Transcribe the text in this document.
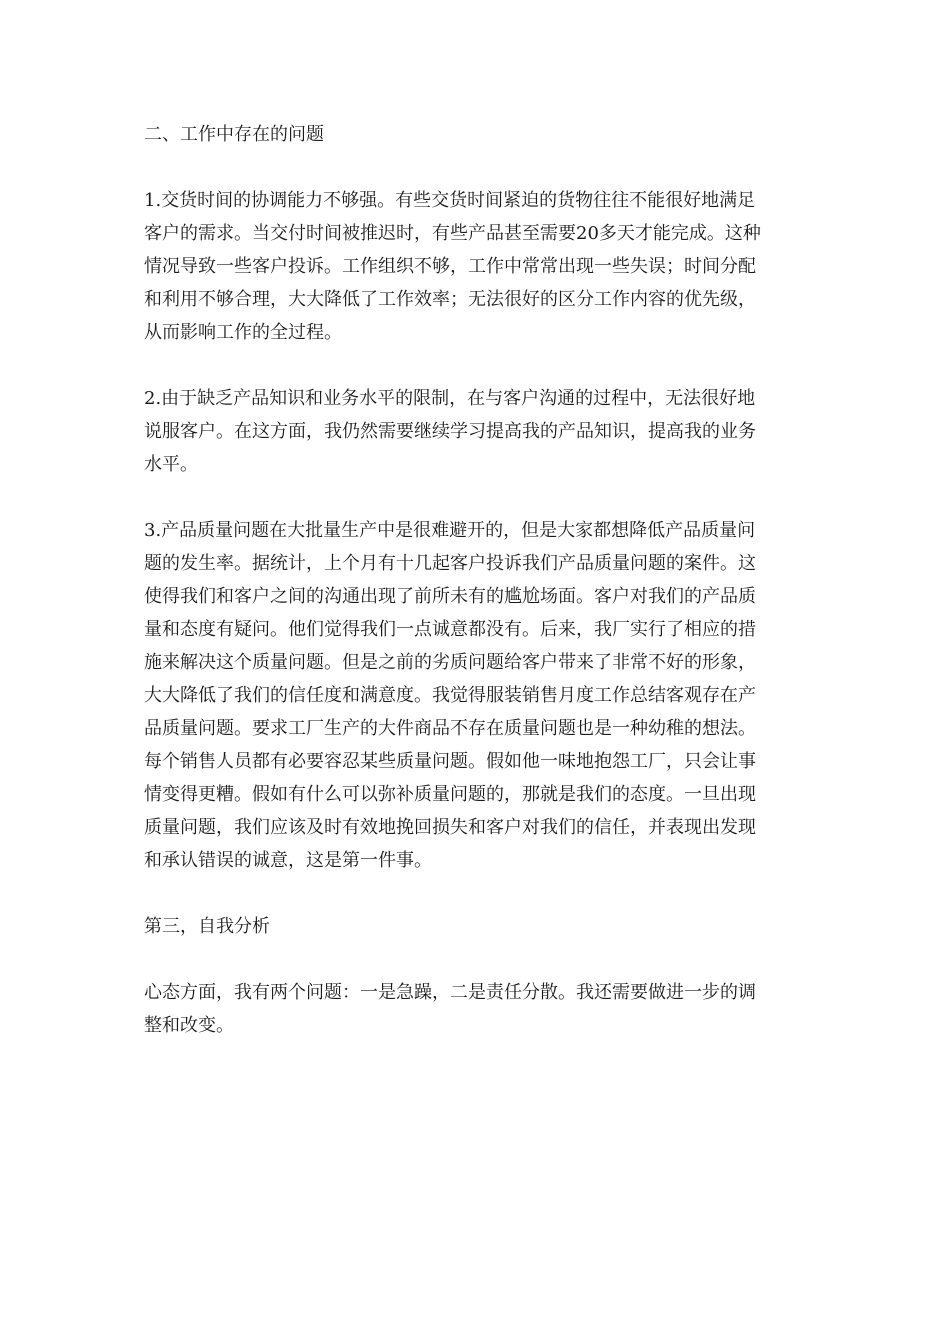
二、工作中存在的问题

1.交货时间的协调能力不够强。有些交货时间紧迫的货物往往不能很好地满足
客户的需求。当交付时间被推迟时，有些产品甚至需要20多天才能完成。这种
情况导致一些客户投诉。工作组织不够，工作中常常出现一些失误；时间分配
和利用不够合理，大大降低了工作效率；无法很好的区分工作内容的优先级，
从而影响工作的全过程。

2.由于缺乏产品知识和业务水平的限制，在与客户沟通的过程中，无法很好地
说服客户。在这方面，我仍然需要继续学习提高我的产品知识，提高我的业务
水平。

3.产品质量问题在大批量生产中是很难避开的，但是大家都想降低产品质量问
题的发生率。据统计，上个月有十几起客户投诉我们产品质量问题的案件。这
使得我们和客户之间的沟通出现了前所未有的尴尬场面。客户对我们的产品质
量和态度有疑问。他们觉得我们一点诚意都没有。后来，我厂实行了相应的措
施来解决这个质量问题。但是之前的劣质问题给客户带来了非常不好的形象，
大大降低了我们的信任度和满意度。我觉得服装销售月度工作总结客观存在产
品质量问题。要求工厂生产的大件商品不存在质量问题也是一种幼稚的想法。
每个销售人员都有必要容忍某些质量问题。假如他一味地抱怨工厂，只会让事
情变得更糟。假如有什么可以弥补质量问题的，那就是我们的态度。一旦出现
质量问题，我们应该及时有效地挽回损失和客户对我们的信任，并表现出发现
和承认错误的诚意，这是第一件事。

第三，自我分析

心态方面，我有两个问题：一是急躁，二是责任分散。我还需要做进一步的调
整和改变。
